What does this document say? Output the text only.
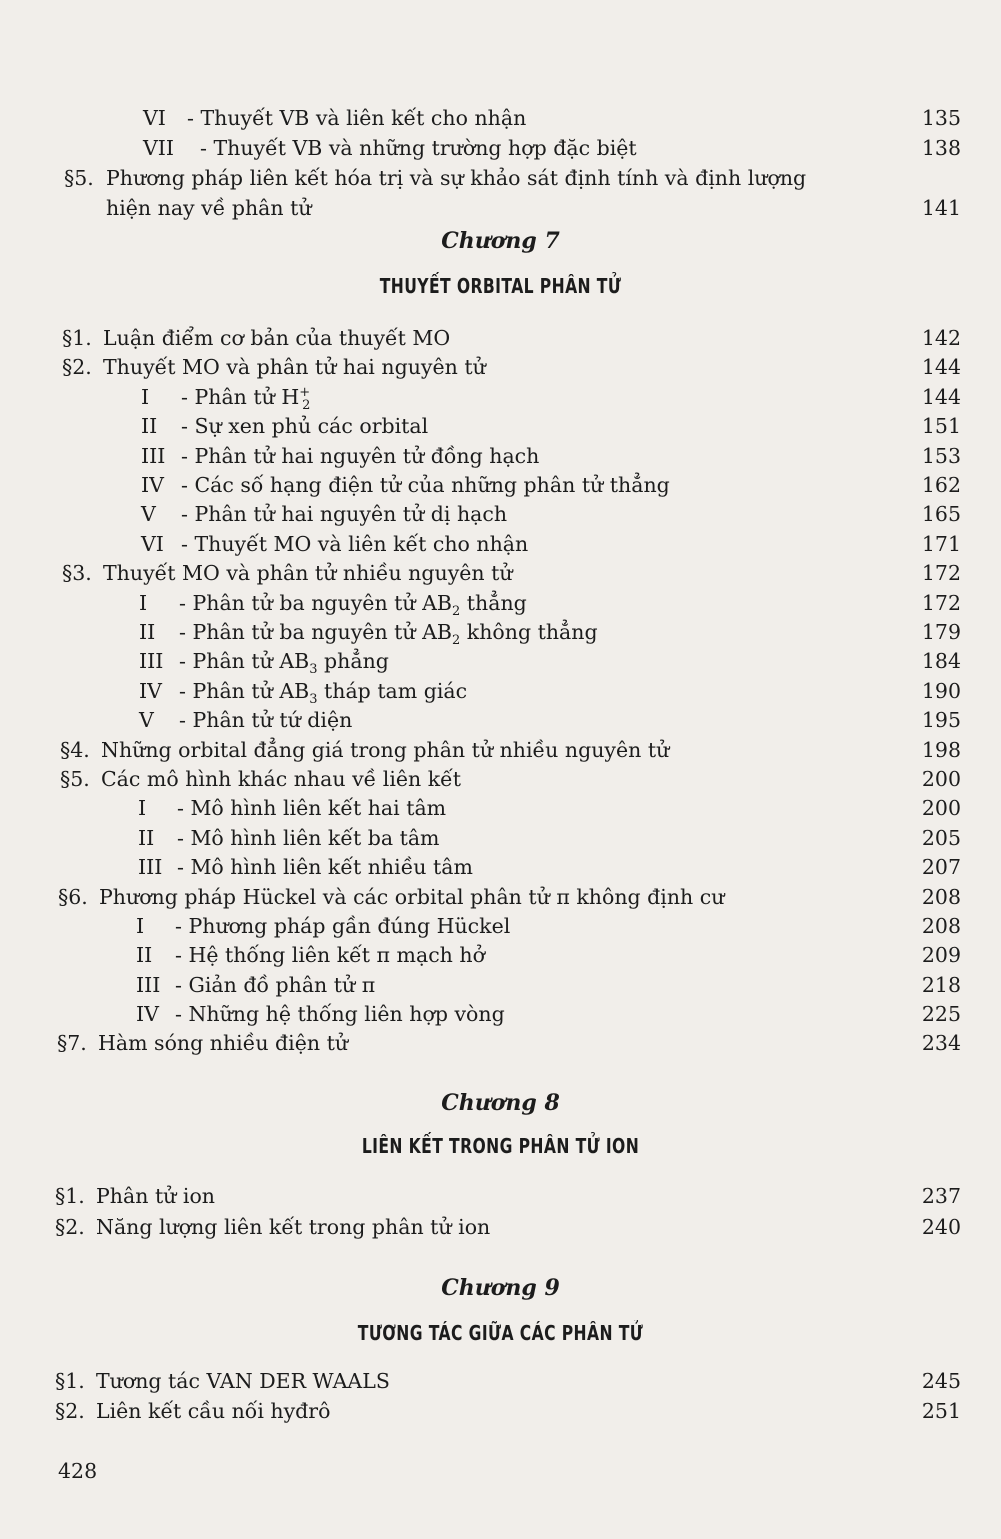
VI - Thuyết VB và liên kết cho nhận	135
VII - Thuyết VB và những trường hợp đặc biệt	138
§5. Phương pháp liên kết hóa trị và sự khảo sát định tính và định lượng
hiện nay về phân tử	141
Chương 7
THUYẾT ORBITAL PHÂN TỬ
§1. Luận điểm cơ bản của thuyết MO	142
§2. Thuyết MO và phân tử hai nguyên tử	144
I - Phân tử $H^+_2$	144
II - Sự xen phủ các orbital	151
III - Phân tử hai nguyên tử đồng hạch	153
IV - Các số hạng điện tử của những phân tử thẳng	162
V - Phân tử hai nguyên tử dị hạch	165
VI - Thuyết MO và liên kết cho nhận	171
§3. Thuyết MO và phân tử nhiều nguyên tử	172
I - Phân tử ba nguyên tử $AB_2$ thẳng	172
II - Phân tử ba nguyên tử $AB_2$ không thẳng	179
III - Phân tử $AB_3$ phẳng	184
IV - Phân tử $AB_3$ tháp tam giác	190
V - Phân tử tứ diện	195
§4. Những orbital đẳng giá trong phân tử nhiều nguyên tử	198
§5. Các mô hình khác nhau về liên kết	200
I - Mô hình liên kết hai tâm	200
II - Mô hình liên kết ba tâm	205
III - Mô hình liên kết nhiều tâm	207
§6. Phương pháp Hückel và các orbital phân tử π không định cư	208
I - Phương pháp gần đúng Hückel	208
II - Hệ thống liên kết π mạch hở	209
III - Giản đồ phân tử π	218
IV - Những hệ thống liên hợp vòng	225
§7. Hàm sóng nhiều điện tử	234
Chương 8
LIÊN KẾT TRONG PHÂN TỬ ION
§1. Phân tử ion	237
§2. Năng lượng liên kết trong phân tử ion	240
Chương 9
TƯƠNG TÁC GIỮA CÁC PHÂN TỬ
§1. Tương tác VAN DER WAALS	245
§2. Liên kết cầu nối hyđrô	251
428
